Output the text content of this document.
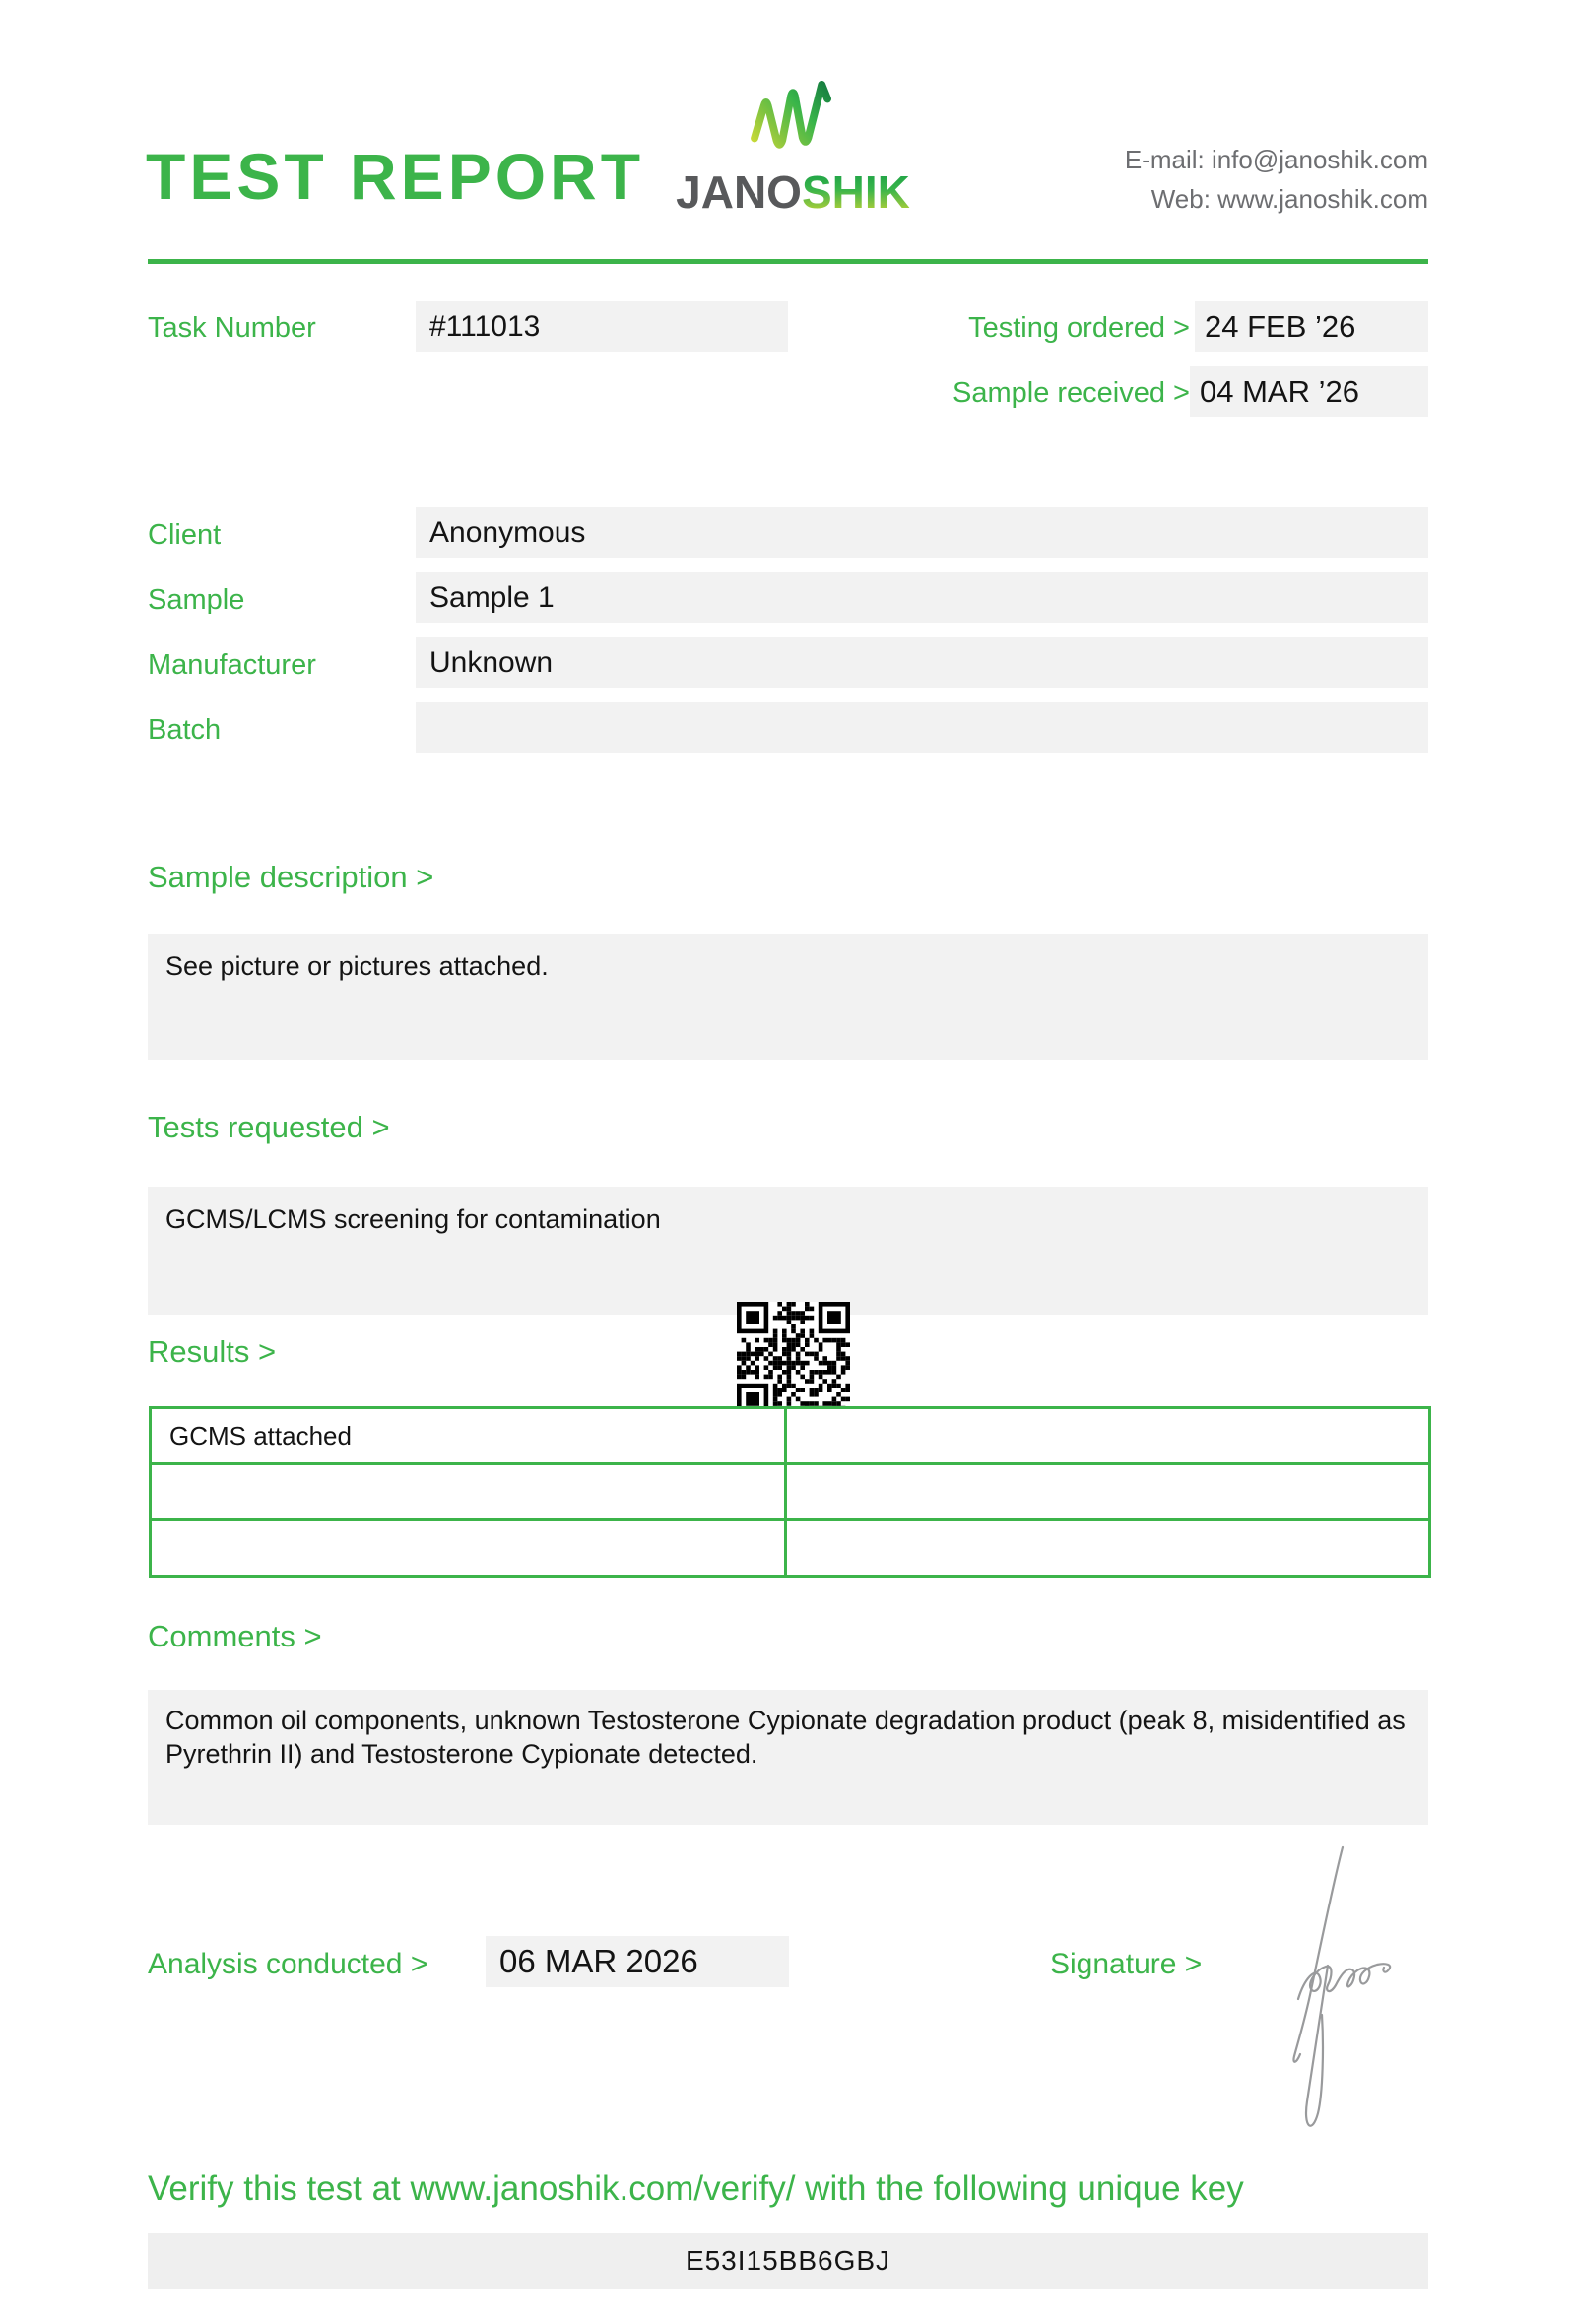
TEST REPORT JANOSHIK
E-mail: info@janoshik.com
Web: www.janoshik.com
Task Number	#111013	Testing ordered > 24 FEB ’26
Sample received > 04 MAR ’26
Client	Anonymous
Sample	Sample 1
Manufacturer	Unknown
Batch
Sample description >
See picture or pictures attached.
Tests requested >
GCMS/LCMS screening for contamination
Results >
GCMS attached	

Comments >
Common oil components, unknown Testosterone Cypionate degradation product (peak 8, misidentified as Pyrethrin II) and Testosterone Cypionate detected.
Analysis conducted >	06 MAR 2026	Signature >
Verify this test at www.janoshik.com/verify/ with the following unique key
E53I15BB6GBJ
